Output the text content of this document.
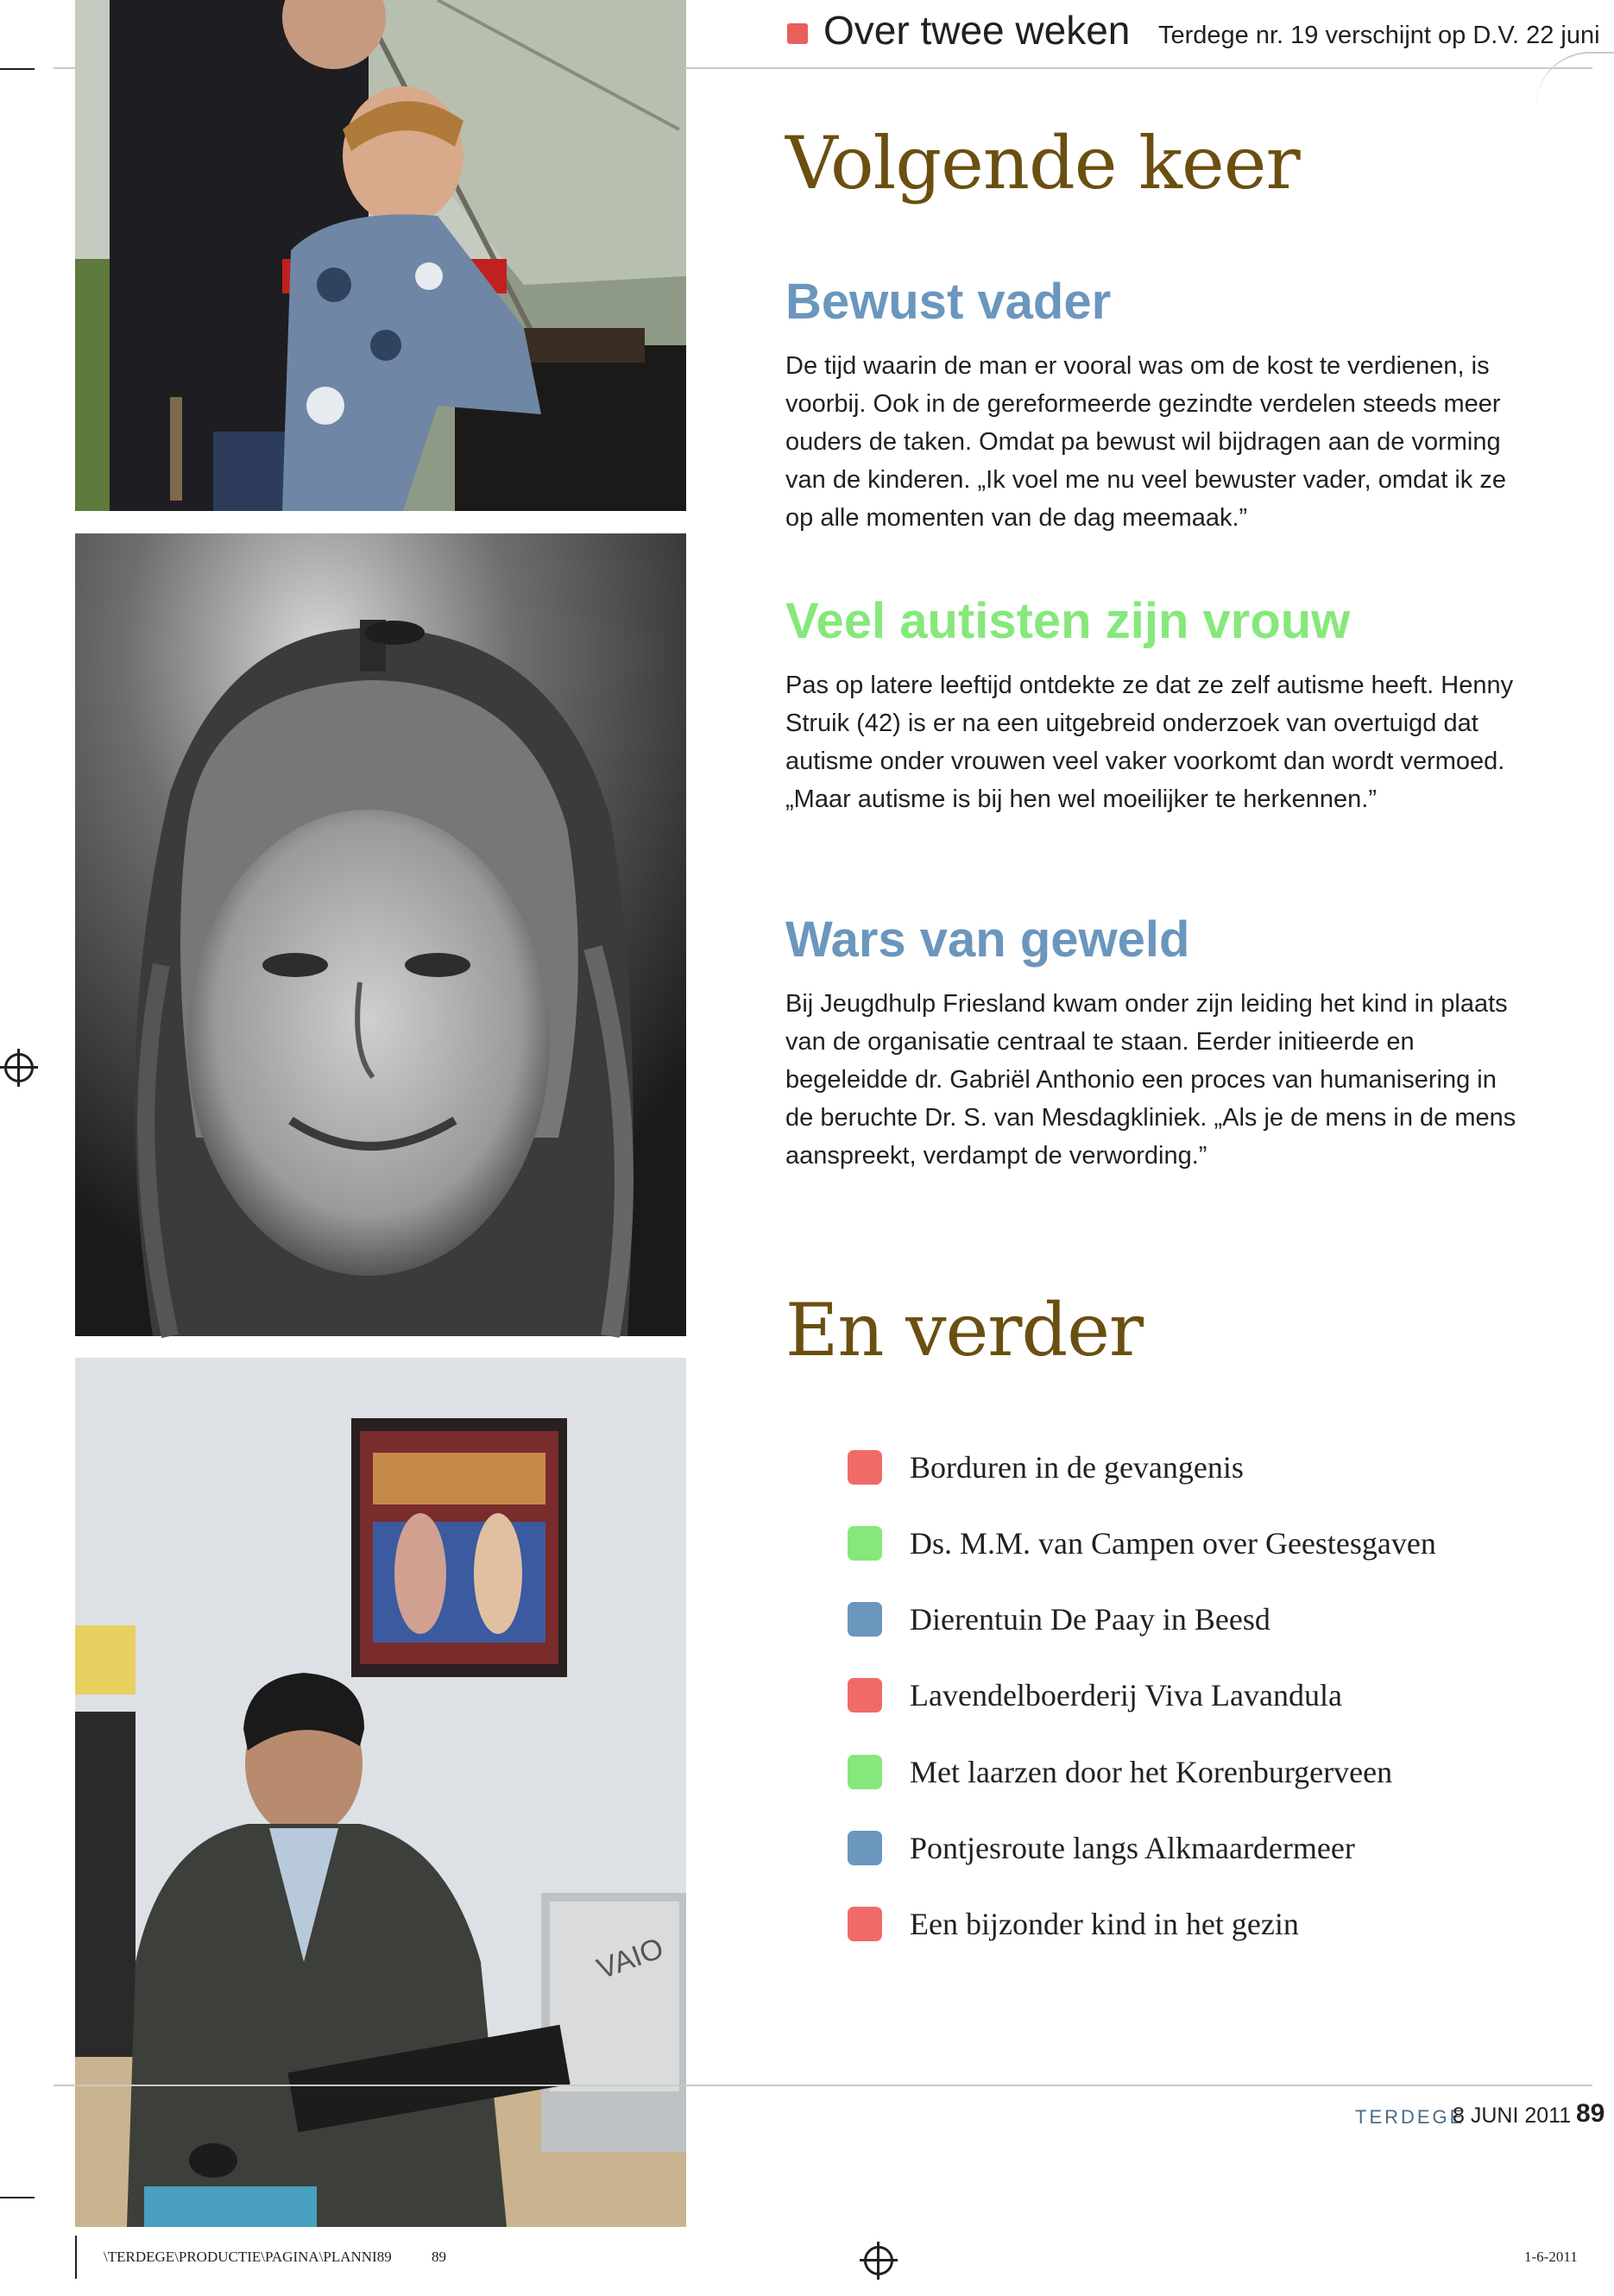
Over twee weken Terdege nr. 19 verschijnt op D.V. 22 juni
VAIO
Volgende keer
Bewust vader
De tijd waarin de man er vooral was om de kost te verdienen, is voorbij. Ook in de gereformeerde gezindte verdelen steeds meer ouders de taken. Omdat pa bewust wil bijdragen aan de vorming van de kinderen. „Ik voel me nu veel bewuster vader, omdat ik ze op alle momenten van de dag meemaak.”
Veel autisten zijn vrouw
Pas op latere leeftijd ontdekte ze dat ze zelf autisme heeft. Henny Struik (42) is er na een uitgebreid onderzoek van overtuigd dat autisme onder vrouwen veel vaker voorkomt dan wordt vermoed. „Maar autisme is bij hen wel moeilijker te herkennen.”
Wars van geweld
Bij Jeugdhulp Friesland kwam onder zijn leiding het kind in plaats van de organisatie centraal te staan. Eerder initieerde en begeleidde dr. Gabriël Anthonio een proces van humanisering in de beruchte Dr. S. van Mesdagkliniek. „Als je de mens in de mens aanspreekt, verdampt de verwording.”
En verder
Borduren in de gevangenis
Ds. M.M. van Campen over Geestesgaven
Dierentuin De Paay in Beesd
Lavendelboerderij Viva Lavandula
Met laarzen door het Korenburgerveen
Pontjesroute langs Alkmaardermeer
Een bijzonder kind in het gezin
TERDEGE
8 JUNI 2011 89
\TERDEGE\PRODUCTIE\PAGINA\PLANNI89	89	1-6-2011
